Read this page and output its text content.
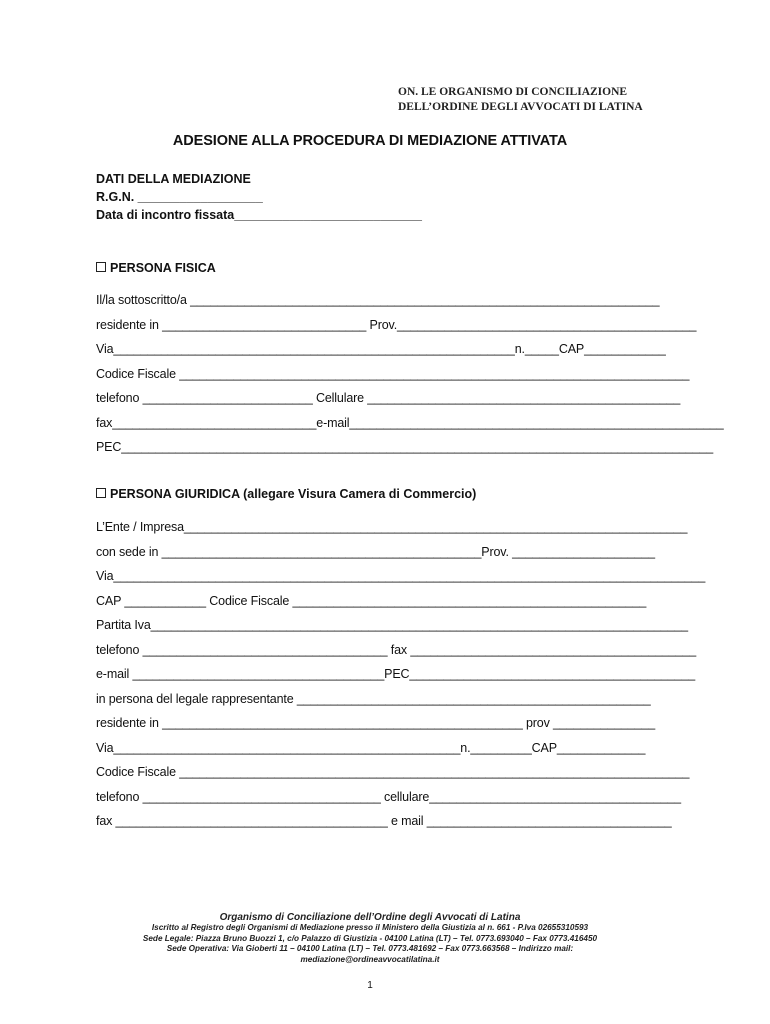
ON. LE ORGANISMO DI CONCILIAZIONE
DELL’ORDINE DEGLI AVVOCATI DI LATINA
ADESIONE ALLA PROCEDURA DI MEDIAZIONE ATTIVATA
DATI DELLA MEDIAZIONE
R.G.N. __________________
Data di incontro fissata___________________________
PERSONA FISICA
Il/la sottoscritto/a _____________________________________________________________________
residente in ______________________________ Prov.____________________________________________
Via___________________________________________________________n._____CAP____________
Codice Fiscale ___________________________________________________________________________
telefono _________________________ Cellulare ______________________________________________
fax______________________________e-mail_______________________________________________________
PEC_______________________________________________________________________________________
PERSONA GIURIDICA (allegare Visura Camera di Commercio)
L’Ente / Impresa__________________________________________________________________________
con sede in _______________________________________________Prov. _____________________
Via_______________________________________________________________________________________
CAP ____________ Codice Fiscale ____________________________________________________
Partita Iva_______________________________________________________________________________
telefono ____________________________________ fax __________________________________________
e-mail _____________________________________PEC__________________________________________
in persona del legale rappresentante ____________________________________________________
residente in _____________________________________________________ prov _______________
Via___________________________________________________n._________CAP_____________
Codice Fiscale ___________________________________________________________________________
telefono ___________________________________ cellulare_____________________________________
fax ________________________________________ e mail ____________________________________
Organismo di Conciliazione dell’Ordine degli Avvocati di Latina
Iscritto al Registro degli Organismi di Mediazione presso il Ministero della Giustizia al n. 661 - P.Iva 02655310593
Sede Legale: Piazza Bruno Buozzi 1, c/o Palazzo di Giustizia - 04100 Latina (LT) – Tel. 0773.693040 – Fax 0773.416450
Sede Operativa: Via Gioberti 11 – 04100 Latina (LT) – Tel. 0773.481692 – Fax 0773.663568 – Indirizzo mail:
mediazione@ordineavvocatilatina.it
1
